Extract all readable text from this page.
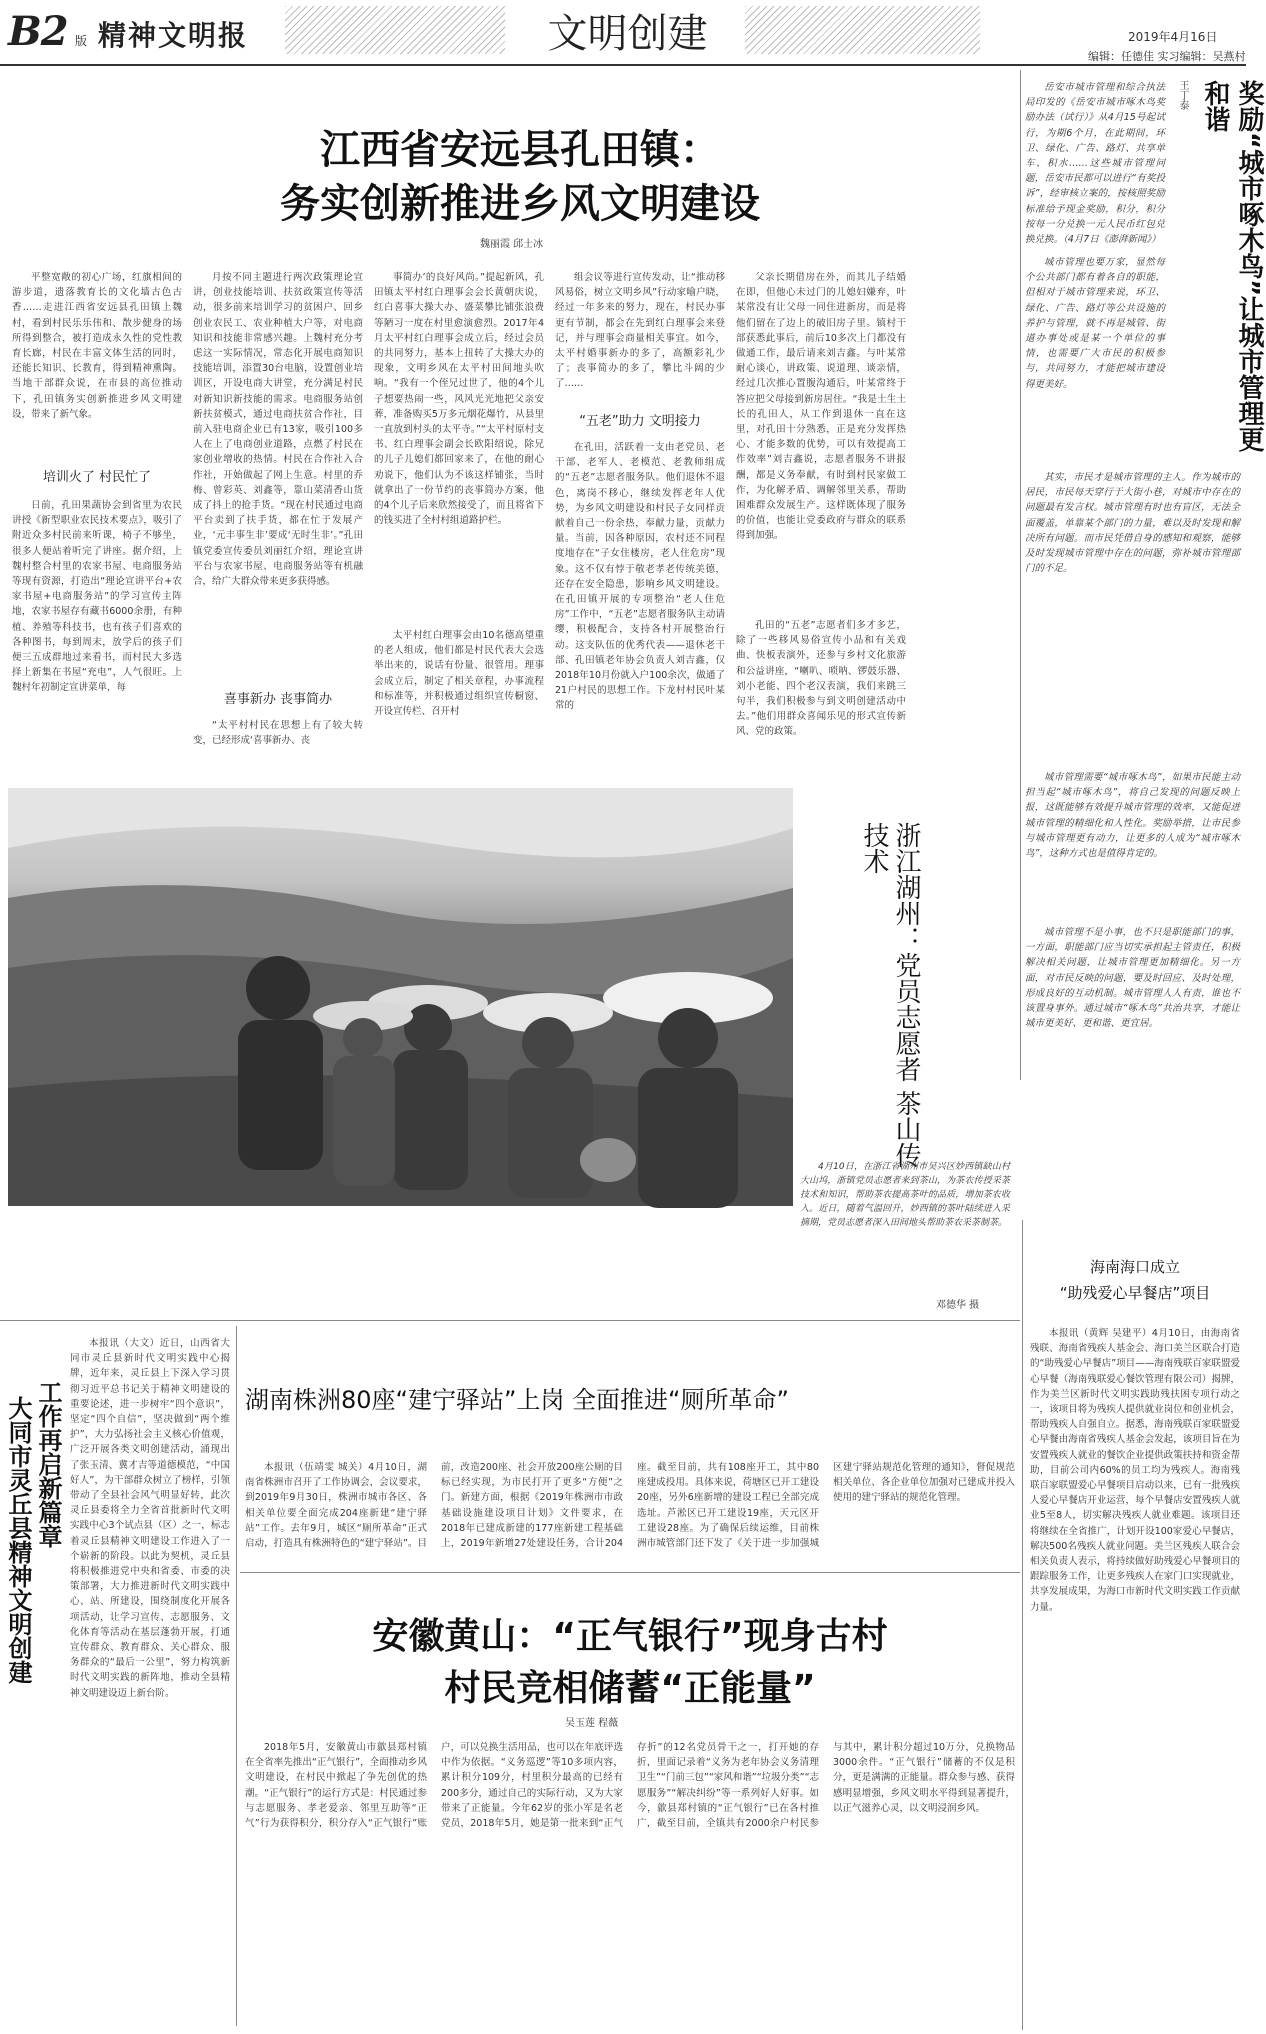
B2 版 精神文明报	文明创建	2019年4月16日
编辑：任德佳 实习编辑：吴燕村
江西省安远县孔田镇：
务实创新推进乡风文明建设
魏丽霞 邱士冰
平整宽敞的初心广场，红旗相间的游步道，遗落教育长的文化墙古色古香……走进江西省安远县孔田镇上魏村，看到村民乐乐伟和、散步健身的场所得到整合，被打造成永久性的党性教育长廊，村民在丰富文体生活的同时，还能长知识、长教育，得到精神熏陶。当地干部群众说，在市县的高位推动下，孔田镇务实创新推进乡风文明建设，带来了新气象。
培训火了 村民忙了
日前，孔田果蔬协会到省里为农民讲授《新型职业农民技术要点》，吸引了附近众多村民前来听课，椅子不够坐，很多人便站着听完了讲座。据介绍，上魏村整合村里的农家书屋、电商服务站等现有资源，打造出“理论宣讲平台+农家书屋+电商服务站”的学习宣传主阵地，农家书屋存有藏书6000余册，有种植、养殖等科技书，也有孩子们喜欢的各种图书，每到周末，放学后的孩子们便三五成群地过来看书，而村民大多选择上新集在书屋“充电”，人气很旺。上魏村年初制定宣讲菜单，每
月按不同主题进行两次政策理论宣讲，创业技能培训、扶贫政策宣传等活动，很多前来培训学习的贫困户、回乡创业农民工、农业种植大户等，对电商知识和技能非常感兴趣。上魏村充分考虑这一实际情况，常态化开展电商知识技能培训，添置30台电脑，设置创业培训区，开设电商大讲堂，充分满足村民对新知识新技能的需求。电商服务站创新扶贫模式，通过电商扶贫合作社，目前入驻电商企业已有13家，吸引100多人在上了电商创业道路，点燃了村民在家创业增收的热情。村民在合作社入合作社，开始做起了网上生意。村里的乔梅、曾彩英、刘鑫等，靠山菜清香山货成了抖上的抢手货。“现在村民通过电商平台卖到了扶手货，都在忙于发展产业，‘元丰事生非’要成‘无时生非’。”孔田镇党委宣传委员刘丽红介绍，理论宣讲平台与农家书屋、电商服务站等有机融合，给广大群众带来更多获得感。
喜事新办 丧事简办
“太平村村民在思想上有了较大转变，已经形成‘喜事新办、丧
事简办’的良好风尚。”提起新风，孔田镇太平村红白理事会会长黄朝庆说，红白喜事大操大办、盛菜攀比铺张浪费等陋习一度在村里愈演愈烈。2017年4月太平村红白理事会成立后，经过会员的共同努力，基本上扭转了大操大办的现象，文明乡风在太平村田间地头吹响。“我有一个侄兄过世了，他的4个儿子想要热闹一些，风风光光地把父亲安葬，准备购买5万多元烟花爆竹，从县里一直放到村头的太平寺。”“太平村原村支书、红白理事会副会长欧阳绍说，除兄的儿子儿媳们都回家来了，在他的耐心劝说下，他们认为不该这样铺张，当时就拿出了一份节约的丧事简办方案，他的4个儿子后来欣然接受了，而且将省下的钱买进了全村村组道路护栏。
太平村红白理事会由10名德高望重的老人组成，他们都是村民代表大会选举出来的，说话有份量、很管用。理事会成立后，制定了相关章程，办事流程和标准等，并积极通过组织宣传橱窗、开设宣传栏、召开村
组会议等进行宣传发动，让“推动移风易俗，树立文明乡风”行动家喻户晓，经过一年多来的努力，现在，村民办事更有节制，都会在先到红白理事会来登记，并与理事会商量相关事宜。如今，太平村婚事新办的多了，高额彩礼少了；丧事简办的多了，攀比斗阔的少了……
“五老”助力 文明接力
在孔田，活跃着一支由老党员、老干部、老军人、老模范、老教师组成的“五老”志愿者服务队。他们退休不退色，离岗不移心，继续发挥老年人优势，为乡风文明建设和村民子女同样贡献着自己一份余热，奉献力量，贡献力量。当前，因各种原因，农村还不同程度地存在“子女住楼房，老人住危房”现象。这不仅有悖于敬老孝老传统美德，还存在安全隐患，影响乡风文明建设。在孔田镇开展的专项整治“老人住危房”工作中，“五老”志愿者服务队主动请缨，积极配合，支持各村开展整治行动。这支队伍的优秀代表——退休老干部、孔田镇老年协会负责人刘吉鑫，仅2018年10月份就入户100余次，做通了21户村民的思想工作。下龙村村民叶某常的
父亲长期借房在外，而其儿子结婚在即，但他心未过门的儿媳妇嫌弃，叶某常没有让父母一同住进新房，而是将他们留在了边上的破旧房子里。镇村干部获悉此事后，前后10多次上门都没有做通工作，最后请来刘吉鑫。与叶某常耐心谈心，讲政策、说道理、谈亲情，经过几次推心置腹沟通后，叶某常终于答应把父母接到新房居住。“我是土生土长的孔田人，从工作到退休一直在这里，对孔田十分熟悉，正是充分发挥热心、才能多数的优势，可以有效提高工作效率”刘吉鑫说，志愿者服务不讲报酬，都是义务奉献，有时到村民家做工作，为化解矛盾、调解邻里关系，帮助困难群众发展生产。这样既体现了服务的价值，也能让党委政府与群众的联系得到加强。
孔田的“五老”志愿者们多才多艺，除了一些移风易俗宣传小品和有关戏曲、快板表演外，还参与乡村文化旅游和公益讲座，“喇叭、唢呐、锣鼓乐器、刘小老能、四个老汉表演，我们来跳三句半，我们积极参与到文明创建活动中去。”他们用群众喜闻乐见的形式宣传新风、党的政策。
奖励“城市啄木鸟”让城市管理更和谐
王丁泰
岳安市城市管理和综合执法局印发的《岳安市城市啄木鸟奖励办法（试行）》从4月15号起试行，为期6个月，在此期间，环卫、绿化、广告、路灯、共享单车、积水……这些城市管理问题，岳安市民都可以进行“有奖投诉”，经审核立案的，按核照奖励标准给予现金奖励，积分，积分按每一分兑换一元人民币红包兑换兑换。（4月7日《澎湃新闻》）
城市管理也要万家，显然每个公共部门都有着各自的职能，但相对于城市管理来说，环卫、绿化、广告、路灯等公共设施的养护与管理，就不再是城管、街道办事处或是某一个单位的事情，也需要广大市民的积极参与，共同努力，才能把城市建设得更美好。
其实，市民才是城市管理的主人。作为城市的居民，市民每天穿行于大街小巷，对城市中存在的问题最有发言权。城市管理有时也有盲区，无法全面覆盖，单靠某个部门的力量，难以及时发现和解决所有问题。而市民凭借自身的感知和观察，能够及时发现城市管理中存在的问题，弥补城市管理部门的不足。
城市管理需要“城市啄木鸟”，如果市民能主动担当起“城市啄木鸟”，将自己发现的问题反映上报，这既能够有效提升城市管理的效率，又能促进城市管理的精细化和人性化。奖励举措，让市民参与城市管理更有动力，让更多的人成为“城市啄木鸟”，这种方式也是值得肯定的。
城市管理不是小事，也不只是职能部门的事，一方面，职能部门应当切实承担起主管责任，积极解决相关问题，让城市管理更加精细化。另一方面，对市民反映的问题，要及时回应、及时处理，形成良好的互动机制。城市管理人人有责，谁也不该置身事外。通过城市“啄木鸟”共治共享，才能让城市更美好、更和谐、更宜居。
浙江湖州：党员志愿者 茶山传技术
4月10日，在浙江省湖州市吴兴区妙西镇缺山村大山坞，浙镇党员志愿者来到茶山，为茶农传授采茶技术和知识，帮助茶农提高茶叶的品质，增加茶农收入。近日，随着气温回升，妙西镇的茶叶陆续进入采摘期，党员志愿者深入田间地头帮助茶农采茶制茶。
邓德华 摄
海南海口成立
“助残爱心早餐店”项目
本报讯（黄辉 吴建平）4月10日，由海南省残联、海南省残疾人基金会、海口美兰区联合打造的“助残爱心早餐店”项目——海南残联百家联盟爱心早餐（海南残联爱心餐饮管理有限公司）揭牌，作为美兰区新时代文明实践助残扶困专项行动之一，该项目将为残疾人提供就业岗位和创业机会，帮助残疾人自强自立。据悉，海南残联百家联盟爱心早餐由海南省残疾人基金会发起，该项目旨在为安置残疾人就业的餐饮企业提供政策扶持和资金帮助，目前公司内60%的员工均为残疾人。海南残联百家联盟爱心早餐项目启动以来，已有一批残疾人爱心早餐店开业运营，每个早餐店安置残疾人就业5至8人，切实解决残疾人就业难题。该项目还将继续在全省推广，计划开设100家爱心早餐店，解决500名残疾人就业问题。美兰区残疾人联合会相关负责人表示，将持续做好助残爱心早餐项目的跟踪服务工作，让更多残疾人在家门口实现就业，共享发展成果，为海口市新时代文明实践工作贡献力量。
大同市灵丘县精神文明创建 工作再启新篇章
本报讯（大文）近日，山西省大同市灵丘县新时代文明实践中心揭牌，近年来，灵丘县上下深入学习贯彻习近平总书记关于精神文明建设的重要论述，进一步树牢“四个意识”，坚定“四个自信”，坚决做到“两个维护”，大力弘扬社会主义核心价值观，广泛开展各类文明创建活动，涌现出了张玉清、冀才吉等道德模范，“中国好人”，为干部群众树立了榜样，引领带动了全县社会风气明显好转，此次灵丘县委将全力全省首批新时代文明实践中心3个试点县（区）之一，标志着灵丘县精神文明建设工作进入了一个崭新的阶段。以此为契机，灵丘县将积极推进党中央和省委、市委的决策部署，大力推进新时代文明实践中心、站、所建设，围绕制度化开展各项活动，让学习宣传、志愿服务、文化体育等活动在基层蓬勃开展，打通宣传群众、教育群众、关心群众、服务群众的“最后一公里”，努力构筑新时代文明实践的新阵地，推动全县精神文明建设迈上新台阶。
湖南株洲80座“建宁驿站”上岗 全面推进“厕所革命”
本报讯（伍靖雯 城关）4月10日，湖南省株洲市召开了工作协调会，会议要求，到2019年9月30日，株洲市城市各区、各相关单位要全面完成204座新建“建宁驿站”工作。去年9月，城区“厕所革命”正式启动，打造具有株洲特色的“建宁驿站”。目前，改造200座、社会开放200座公厕的目标已经实现，为市民打开了更多“方便”之门。新建方面，根据《2019年株洲市市政基础设施建设项目计划》文件要求，在2018年已建成新建的177座新建工程基础上，2019年新增27处建设任务，合计204座。截至目前，共有108座开工，其中80座建成投用。具体来说，荷塘区已开工建设20座，另外6座新增的建设工程已全部完成选址。芦淞区已开工建设19座，天元区开工建设28座。为了确保后续运维，目前株洲市城管部门还下发了《关于进一步加强城区建宁驿站规范化管理的通知》，督促规范相关单位、各企业单位加强对已建成并投入使用的建宁驿站的规范化管理。
安徽黄山：“正气银行”现身古村
村民竞相储蓄“正能量”
吴玉莲 程薇
2018年5月，安徽黄山市歙县郑村镇在全省率先推出“正气银行”，全面推动乡风文明建设，在村民中掀起了争先创优的热潮。“正气银行”的运行方式是：村民通过参与志愿服务、孝老爱亲、邻里互助等“正气”行为获得积分，积分存入“正气银行”账户，可以兑换生活用品，也可以在年底评选中作为依据。“义务巡逻”等10多项内容，累计积分109分，村里积分最高的已经有200多分，通过自己的实际行动，又为大家带来了正能量。今年62岁的张小军是名老党员，2018年5月，她是第一批来到“正气存折”的12名党员骨干之一，打开她的存折，里面记录着“义务为老年协会义务清理卫生”“门前三包”“家风和谐”“垃圾分类”“志愿服务”“解决纠纷”等一系列好人好事。如今，歙县郑村镇的“正气银行”已在各村推广，截至目前，全镇共有2000余户村民参与其中，累计积分超过10万分，兑换物品3000余件。“正气银行”储蓄的不仅是积分，更是满满的正能量。群众参与感、获得感明显增强，乡风文明水平得到显著提升，以正气滋养心灵，以文明浸润乡风。
